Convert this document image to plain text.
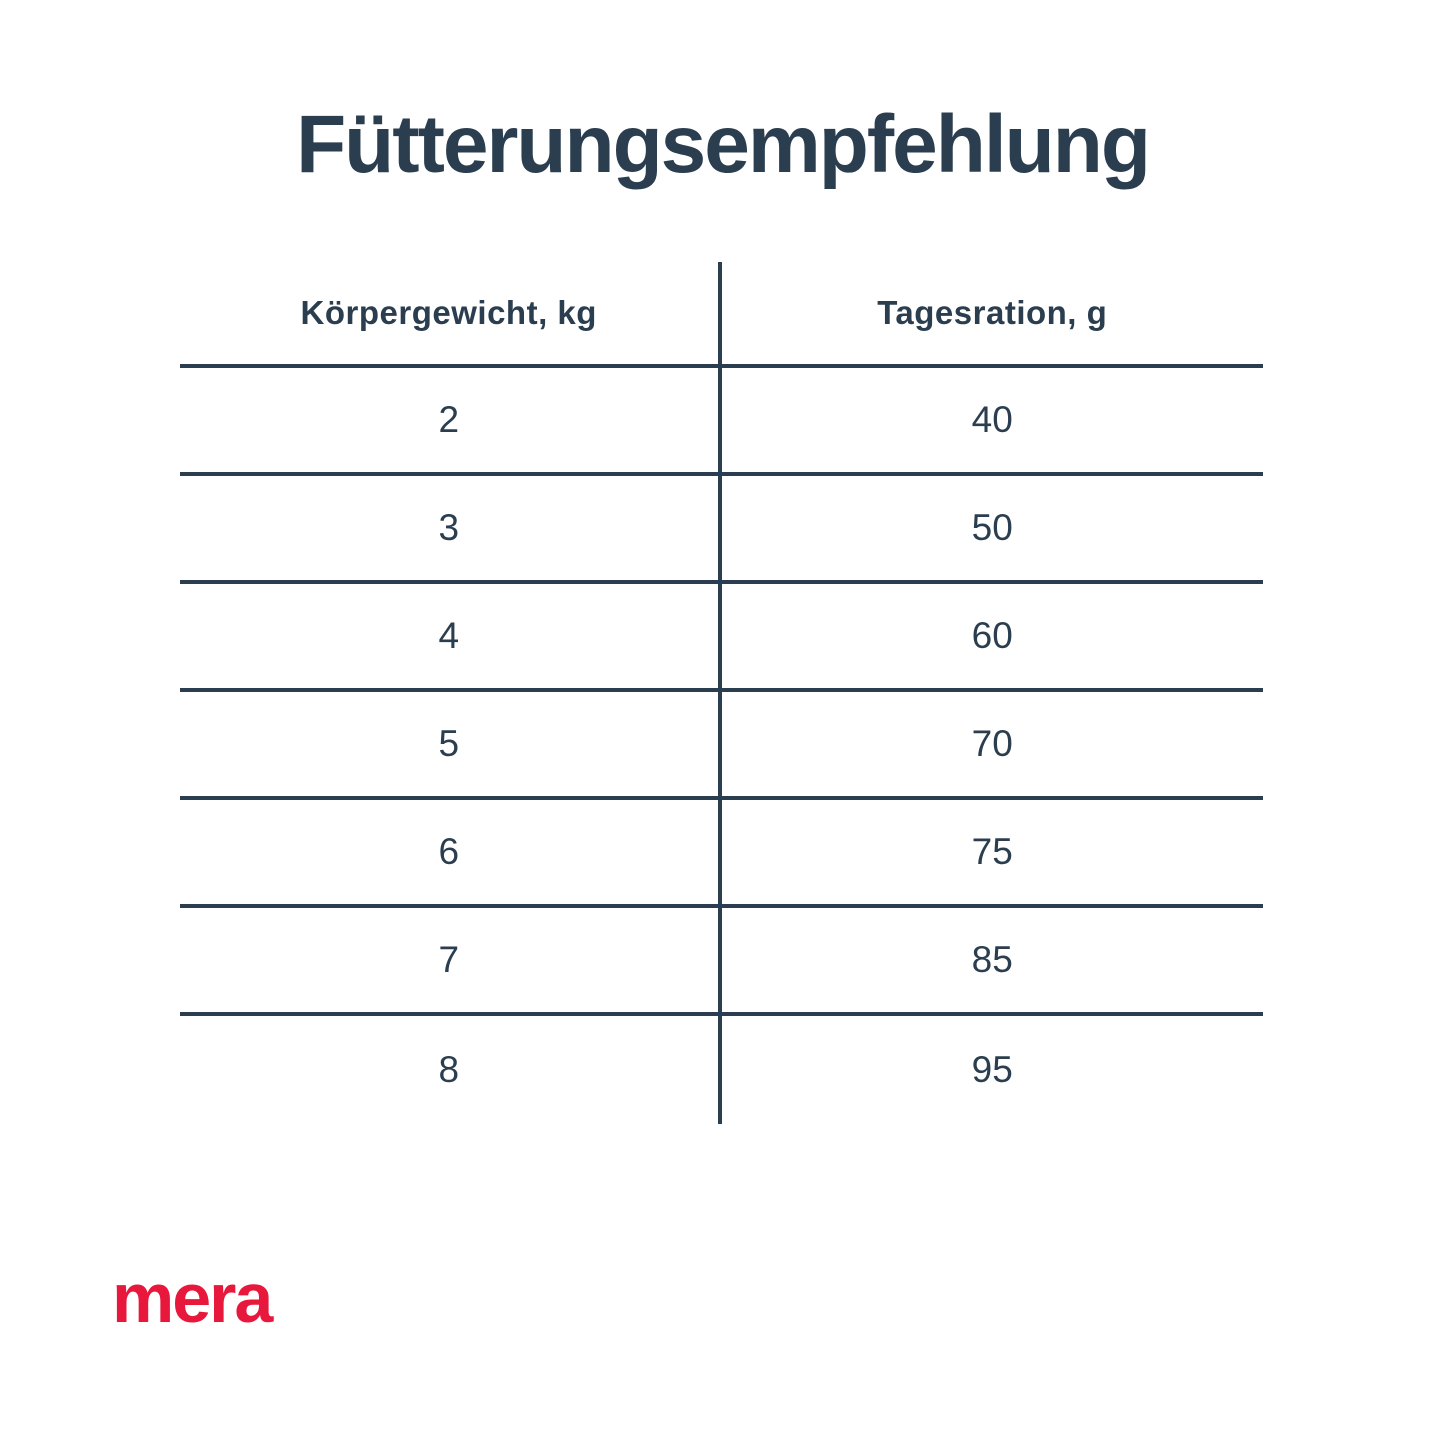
Fütterungsempfehlung
Körpergewicht, kg	Tagesration, g
2	40
3	50
4	60
5	70
6	75
7	85
8	95
mera
